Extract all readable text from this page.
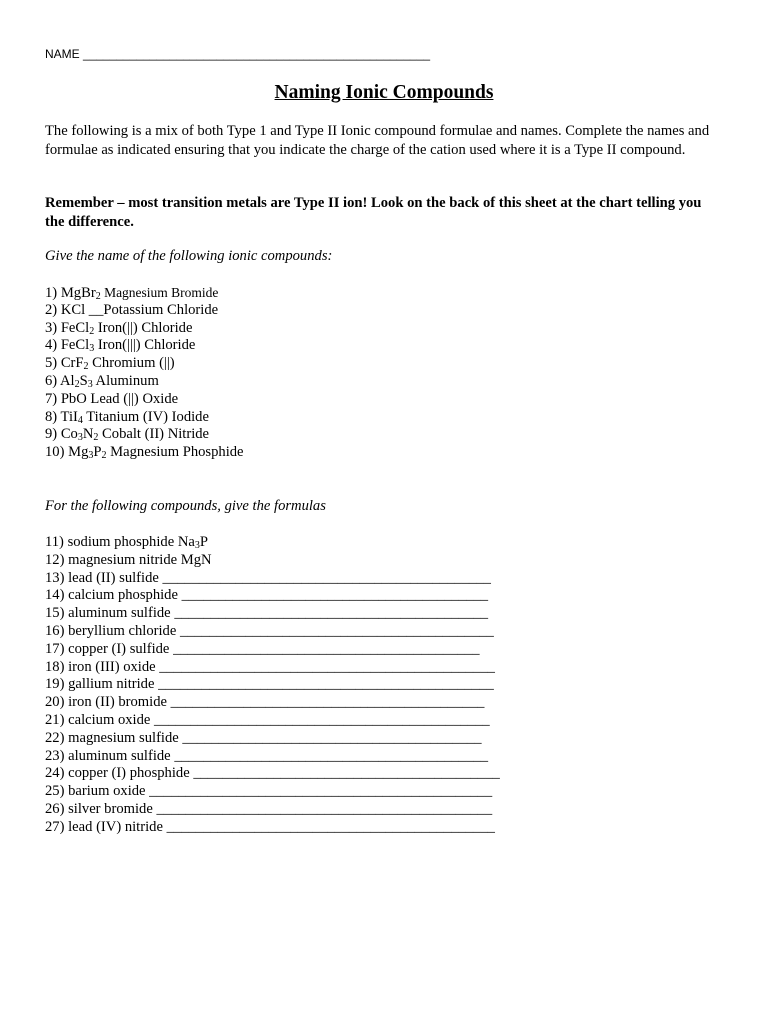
NAME ____________________________________________________
Naming Ionic Compounds
The following is a mix of both Type 1 and Type II Ionic compound formulae and names. Complete the names and formulae as indicated ensuring that you indicate the charge of the cation used where it is a Type II compound.
Remember – most transition metals are Type II ion! Look on the back of this sheet at the chart telling you the difference.
Give the name of the following ionic compounds:
1) MgBr$_2$ Magnesium Bromide
2) KCl __Potassium Chloride
3) FeCl$_2$ Iron(||) Chloride
4) FeCl$_3$ Iron(|||) Chloride
5) CrF$_2$ Chromium (||)
6) $Al_2S_3$ Aluminum
7) PbO Lead (||) Oxide
8) TiI$_4$ Titanium (IV) Iodide
9) $Co_3N_2$ Cobalt (II) Nitride
10) $Mg_3P_2$ Magnesium Phosphide
For the following compounds, give the formulas
11) sodium phosphide $Na_3P$
12) magnesium nitride MgN
13) lead (II) sulfide _____________________________________________
14) calcium phosphide __________________________________________
15) aluminum sulfide ___________________________________________
16) beryllium chloride ___________________________________________
17) copper (I) sulfide __________________________________________
18) iron (III) oxide ______________________________________________
19) gallium nitride ______________________________________________
20) iron (II) bromide ___________________________________________
21) calcium oxide ______________________________________________
22) magnesium sulfide _________________________________________
23) aluminum sulfide ___________________________________________
24) copper (I) phosphide __________________________________________
25) barium oxide _______________________________________________
26) silver bromide ______________________________________________
27) lead (IV) nitride _____________________________________________
